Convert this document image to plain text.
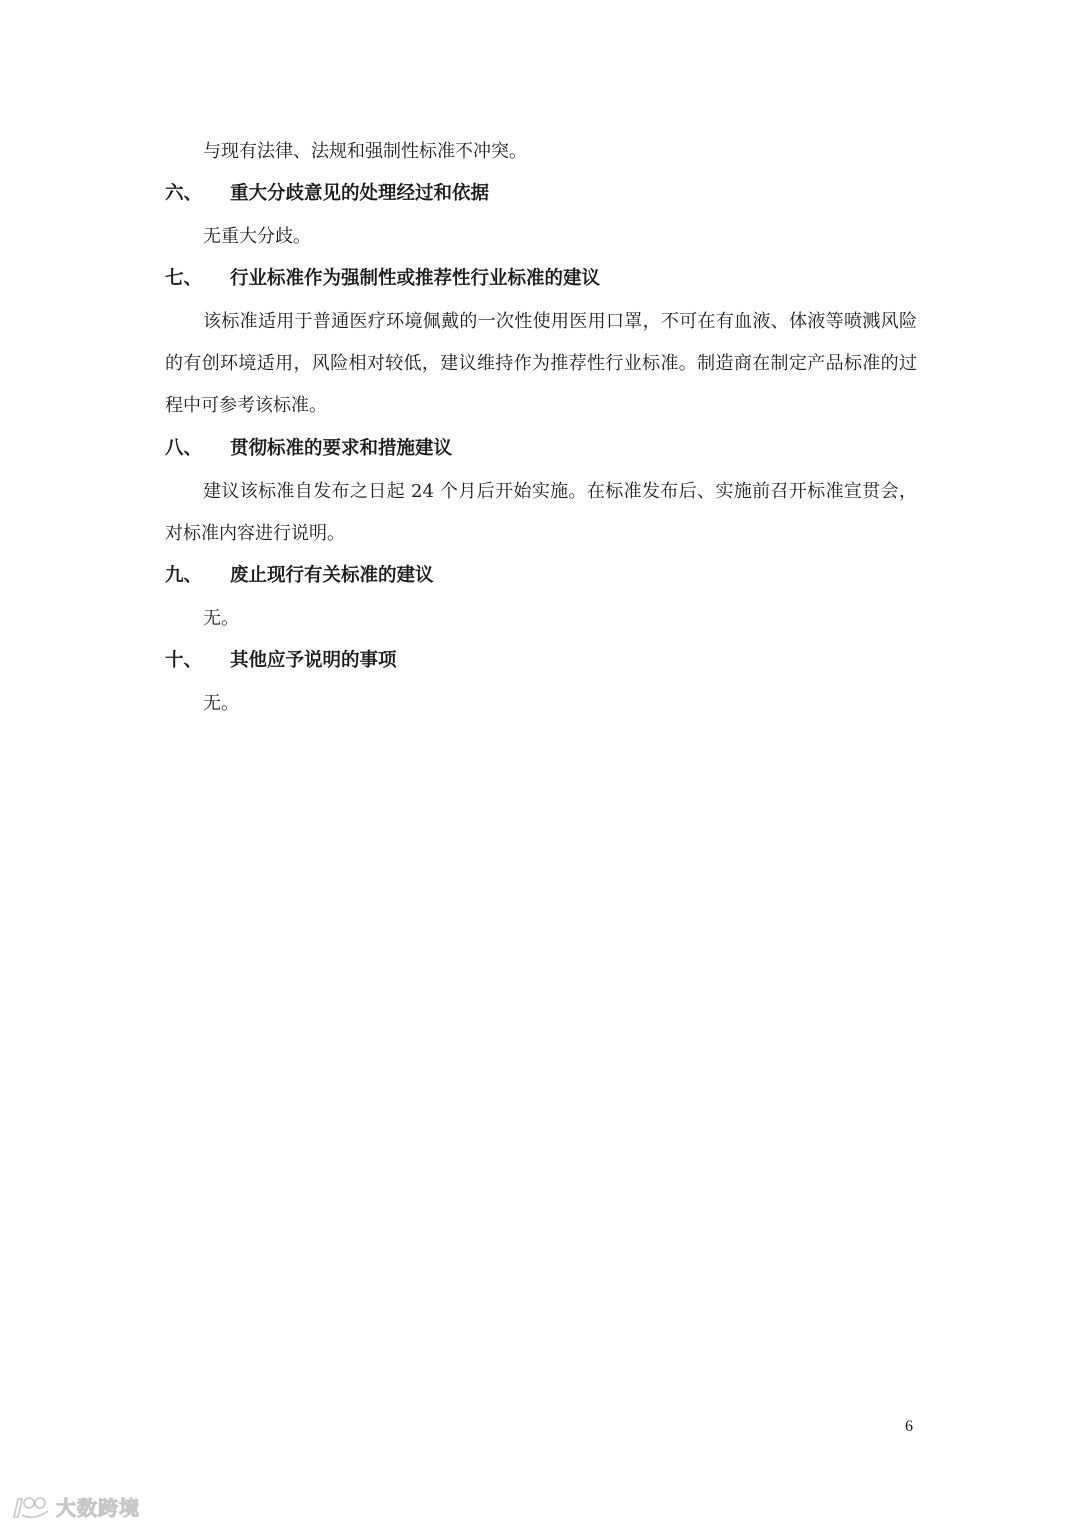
与现有法律、法规和强制性标准不冲突。

六、 重大分歧意见的处理经过和依据

无重大分歧。

七、 行业标准作为强制性或推荐性行业标准的建议

该标准适用于普通医疗环境佩戴的一次性使用医用口罩，不可在有血液、体液等喷溅风险的有创环境适用，风险相对较低，建议维持作为推荐性行业标准。制造商在制定产品标准的过程中可参考该标准。

八、 贯彻标准的要求和措施建议

建议该标准自发布之日起 24 个月后开始实施。在标准发布后、实施前召开标准宣贯会，对标准内容进行说明。

九、 废止现行有关标准的建议

无。

十、 其他应予说明的事项

无。

6
大数跨境
